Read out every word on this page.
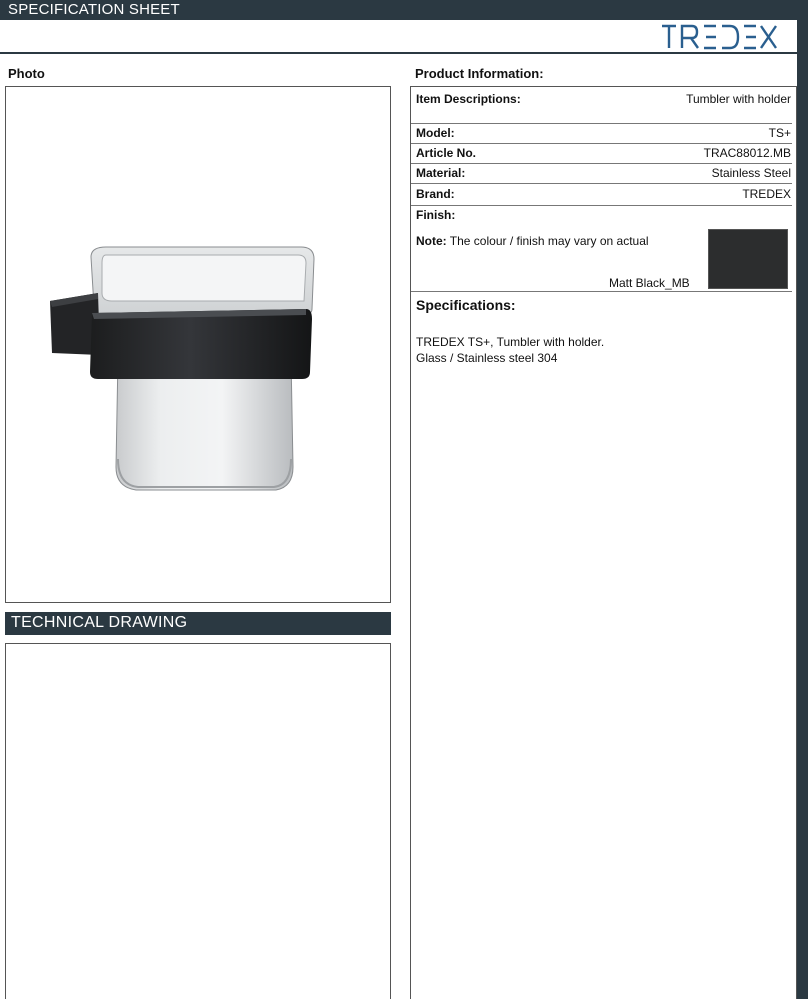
SPECIFICATION SHEET
Photo	Product Information:
TECHNICAL DRAWING
Item Descriptions:	Tumbler with holder
Model:	TS+
Article No.	TRAC88012.MB
Material:	Stainless Steel
Brand:	TREDEX
Finish:
Note: The colour / finish may vary on actual
Matt Black_MB
Specifications:
TREDEX TS+, Tumbler with holder.
Glass / Stainless steel 304
